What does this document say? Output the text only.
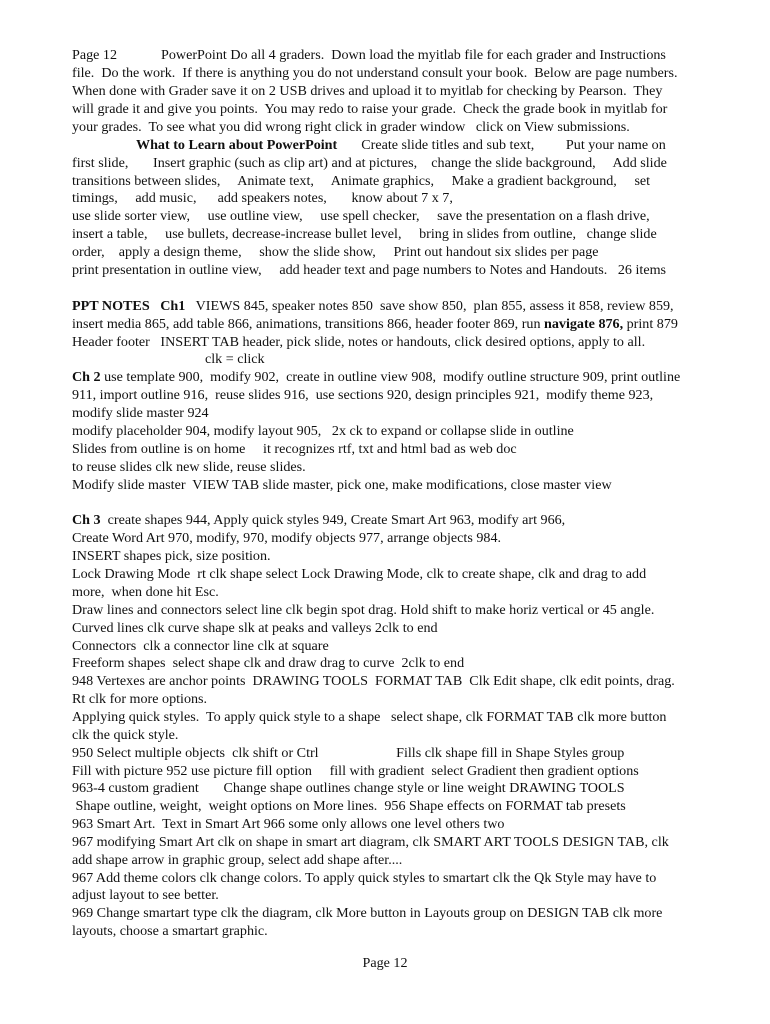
Page 12	PowerPoint Do all 4 graders.  Down load the myitlab file for each grader and Instructions

file.  Do the work.  If there is anything you do not understand consult your book.  Below are page numbers.

When done with Grader save it on 2 USB drives and upload it to myitlab for checking by Pearson.  They

will grade it and give you points.  You may redo to raise your grade.  Check the grade book in myitlab for

your grades.  To see what you did wrong right click in grader window   click on View submissions.

What to Learn about PowerPoint Create slide titles and sub text,         Put your name on

first slide,       Insert graphic (such as clip art) and at pictures,    change the slide background,     Add slide

transitions between slides,     Animate text,     Animate graphics,     Make a gradient background,     set

timings,     add music,      add speakers notes,       know about 7 x 7,

use slide sorter view,     use outline view,     use spell checker,     save the presentation on a flash drive,

insert a table,     use bullets, decrease-increase bullet level,     bring in slides from outline,   change slide

order,    apply a design theme,     show the slide show,     Print out handout six slides per page

print presentation in outline view,     add header text and page numbers to Notes and Handouts.   26 items

PPT NOTES   Ch1   VIEWS 845, speaker notes 850  save show 850,  plan 855, assess it 858, review 859,

insert media 865, add table 866, animations, transitions 866, header footer 869, run navigate 876, print 879

Header footer   INSERT TAB header, pick slide, notes or handouts, click desired options, apply to all.

clk = click

Ch 2 use template 900,  modify 902,  create in outline view 908,  modify outline structure 909, print outline

911, import outline 916,  reuse slides 916,  use sections 920, design principles 921,  modify theme 923,

modify slide master 924

modify placeholder 904, modify layout 905,   2x ck to expand or collapse slide in outline

Slides from outline is on home     it recognizes rtf, txt and html bad as web doc

to reuse slides clk new slide, reuse slides.

Modify slide master  VIEW TAB slide master, pick one, make modifications, close master view

Ch 3  create shapes 944, Apply quick styles 949, Create Smart Art 963, modify art 966,

Create Word Art 970, modify, 970, modify objects 977, arrange objects 984.

INSERT shapes pick, size position.

Lock Drawing Mode  rt clk shape select Lock Drawing Mode, clk to create shape, clk and drag to add

more,  when done hit Esc.

Draw lines and connectors select line clk begin spot drag. Hold shift to make horiz vertical or 45 angle.

Curved lines clk curve shape slk at peaks and valleys 2clk to end

Connectors  clk a connector line clk at square

Freeform shapes  select shape clk and draw drag to curve  2clk to end

948 Vertexes are anchor points  DRAWING TOOLS  FORMAT TAB  Clk Edit shape, clk edit points, drag.

Rt clk for more options.

Applying quick styles.  To apply quick style to a shape   select shape, clk FORMAT TAB clk more button

clk the quick style.

950 Select multiple objects  clk shift or Ctrl                      Fills clk shape fill in Shape Styles group

Fill with picture 952 use picture fill option     fill with gradient  select Gradient then gradient options

963-4 custom gradient       Change shape outlines change style or line weight DRAWING TOOLS

Shape outline, weight,  weight options on More lines.  956 Shape effects on FORMAT tab presets

963 Smart Art.  Text in Smart Art 966 some only allows one level others two

967 modifying Smart Art clk on shape in smart art diagram, clk SMART ART TOOLS DESIGN TAB, clk

add shape arrow in graphic group, select add shape after....

967 Add theme colors clk change colors. To apply quick styles to smartart clk the Qk Style may have to

adjust layout to see better.

969 Change smartart type clk the diagram, clk More button in Layouts group on DESIGN TAB clk more

layouts, choose a smartart graphic.

Page 12
